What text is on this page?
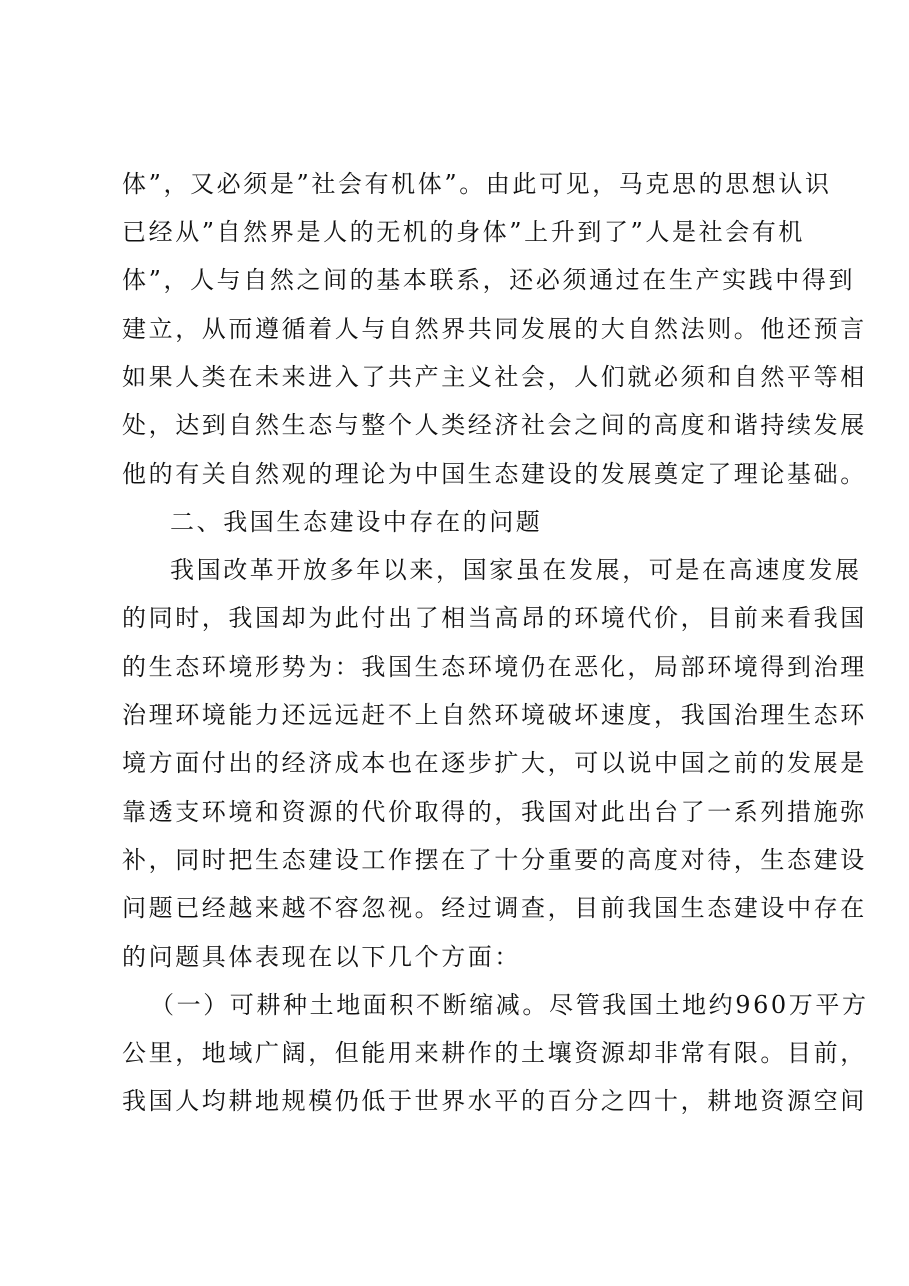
体”，又必须是”社会有机体”。由此可见，马克思的思想认识
已经从”自然界是人的无机的身体”上升到了”人是社会有机
体”，人与自然之间的基本联系，还必须通过在生产实践中得到
建立，从而遵循着人与自然界共同发展的大自然法则。他还预言
如果人类在未来进入了共产主义社会，人们就必须和自然平等相
处，达到自然生态与整个人类经济社会之间的高度和谐持续发展
他的有关自然观的理论为中国生态建设的发展奠定了理论基础。
二、我国生态建设中存在的问题
我国改革开放多年以来，国家虽在发展，可是在高速度发展
的同时，我国却为此付出了相当高昂的环境代价，目前来看我国
的生态环境形势为：我国生态环境仍在恶化，局部环境得到治理
治理环境能力还远远赶不上自然环境破坏速度，我国治理生态环
境方面付出的经济成本也在逐步扩大，可以说中国之前的发展是
靠透支环境和资源的代价取得的，我国对此出台了一系列措施弥
补，同时把生态建设工作摆在了十分重要的高度对待，生态建设
问题已经越来越不容忽视。经过调查，目前我国生态建设中存在
的问题具体表现在以下几个方面：
（一）可耕种土地面积不断缩减。尽管我国土地约960万平方
公里，地域广阔，但能用来耕作的土壤资源却非常有限。目前，
我国人均耕地规模仍低于世界水平的百分之四十，耕地资源空间
